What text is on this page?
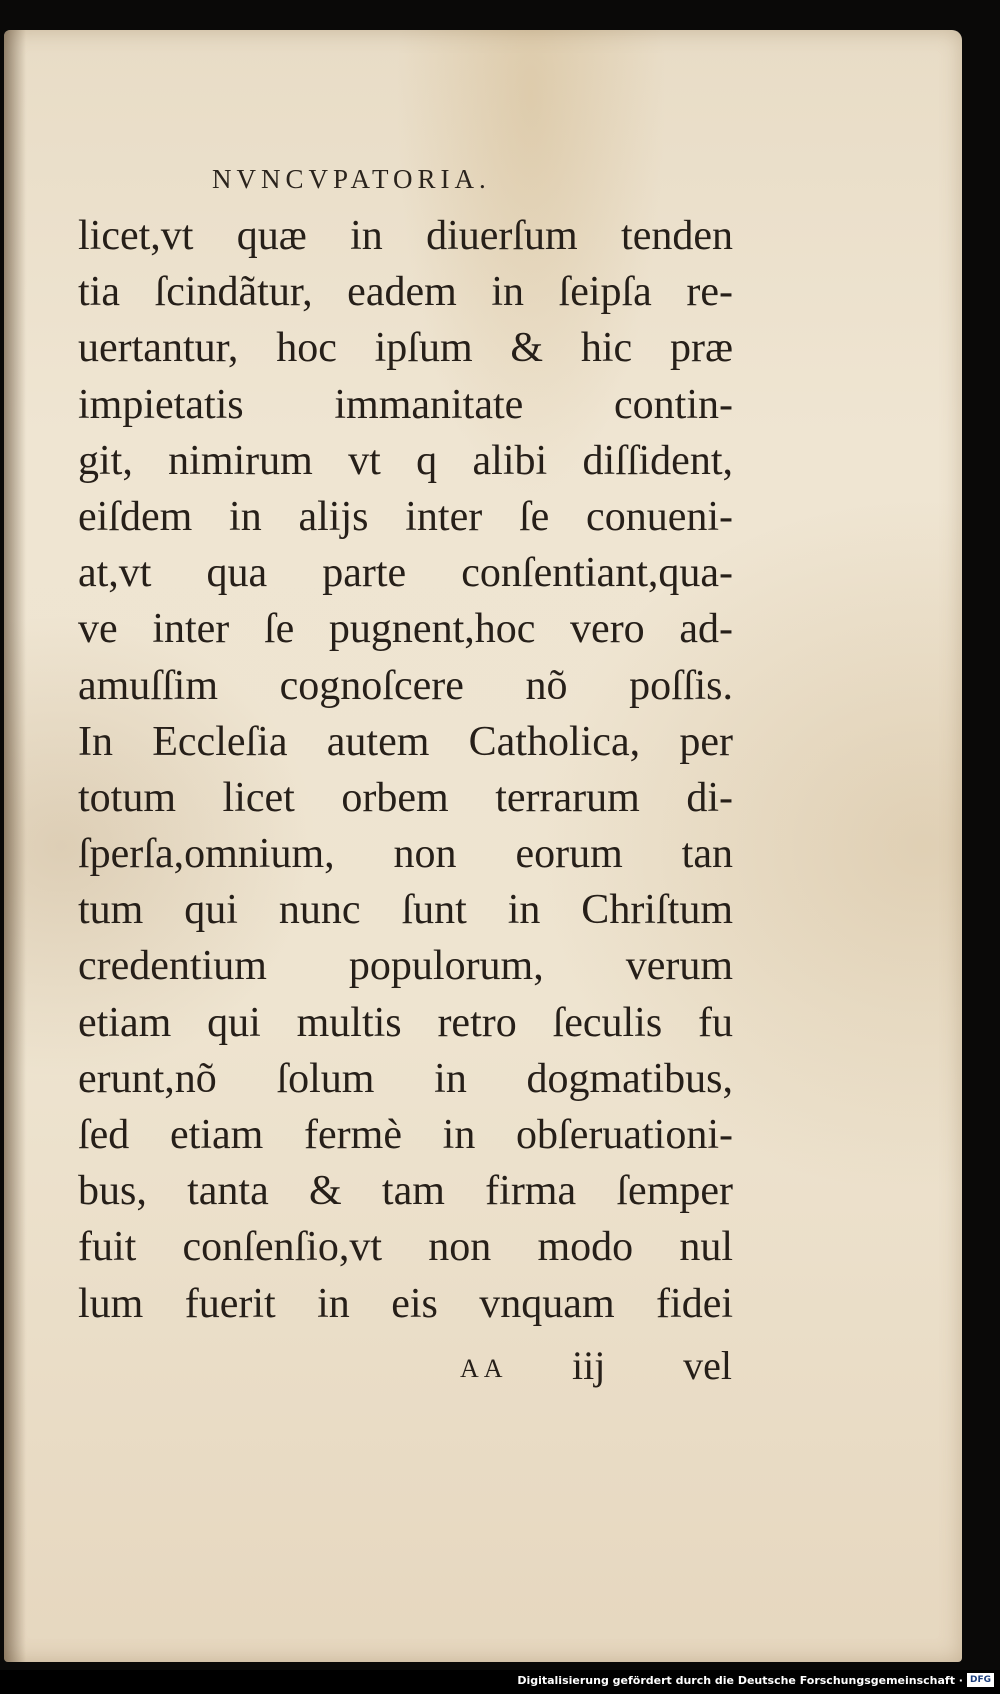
NVNCVPATORIA.
licet,vt quæ in diuerſum tenden
tia ſcindãtur, eadem in ſeipſa re-
uertantur, hoc ipſum & hic præ
impietatis immanitate contin-
git, nimirum vt q alibi diſſident,
eiſdem in alijs inter ſe conueni-
at,vt qua parte conſentiant,qua-
ve inter ſe pugnent,hoc vero ad-
amuſſim cognoſcere nõ poſſis.
In Eccleſia autem Catholica, per
totum licet orbem terrarum di-
ſperſa,omnium, non eorum tan
tum qui nunc ſunt in Chriſtum
credentium populorum, verum
etiam qui multis retro ſeculis fu
erunt,nõ ſolum in dogmatibus,
ſed etiam fermè in obſeruationi-
bus, tanta & tam firma ſemper
fuit conſenſio,vt non modo nul
lum fuerit in eis vnquam fidei
AA iij vel
Digitalisierung gefördert durch die Deutsche Forschungsgemeinschaft · DFG
